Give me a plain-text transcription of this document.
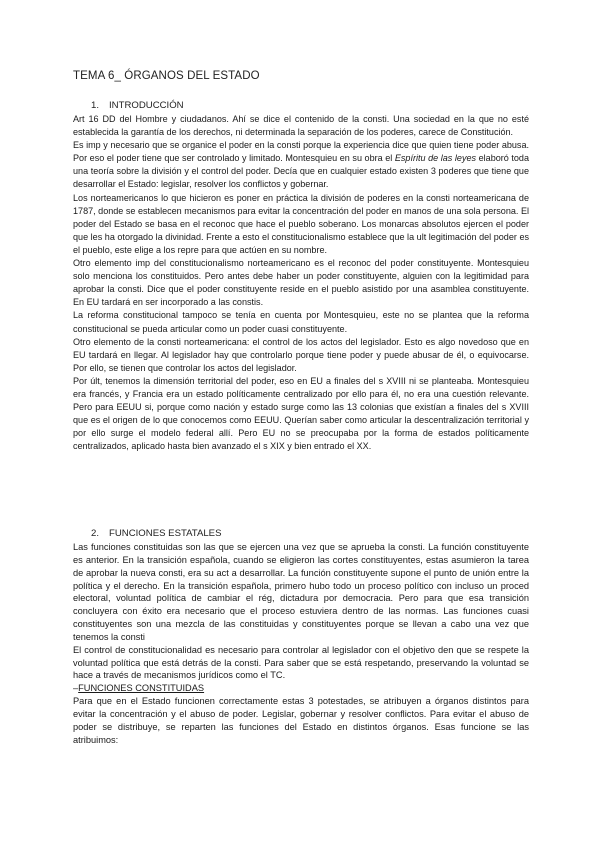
TEMA 6_ ÓRGANOS DEL ESTADO
1. INTRODUCCIÓN

Art 16 DD del Hombre y ciudadanos. Ahí se dice el contenido de la consti. Una sociedad en la que no esté establecida la garantía de los derechos, ni determinada la separación de los poderes, carece de Constitución.

Es imp y necesario que se organice el poder en la consti porque la experiencia dice que quien tiene poder abusa. Por eso el poder tiene que ser controlado y limitado. Montesquieu en su obra el Espíritu de las leyes elaboró toda una teoría sobre la división y el control del poder. Decía que en cualquier estado existen 3 poderes que tiene que desarrollar el Estado: legislar, resolver los conflictos y gobernar.

Los norteamericanos lo que hicieron es poner en práctica la división de poderes en la consti norteamericana de 1787, donde se establecen mecanismos para evitar la concentración del poder en manos de una sola persona. El poder del Estado se basa en el reconoc que hace el pueblo soberano. Los monarcas absolutos ejercen el poder que les ha otorgado la divinidad. Frente a esto el constitucionalismo establece que la ult legitimación del poder es el pueblo, este elige a los repre para que actúen en su nombre.

Otro elemento imp del constitucionalismo norteamericano es el reconoc del poder constituyente. Montesquieu solo menciona los constituidos. Pero antes debe haber un poder constituyente, alguien con la legitimidad para aprobar la consti. Dice que el poder constituyente reside en el pueblo asistido por una asamblea constituyente. En EU tardará en ser incorporado a las constis.

La reforma constitucional tampoco se tenía en cuenta por Montesquieu, este no se plantea que la reforma constitucional se pueda articular como un poder cuasi constituyente.

Otro elemento de la consti norteamericana: el control de los actos del legislador. Esto es algo novedoso que en EU tardará en llegar. Al legislador hay que controlarlo porque tiene poder y puede abusar de él, o equivocarse. Por ello, se tienen que controlar los actos del legislador.

Por últ, tenemos la dimensión territorial del poder, eso en EU a finales del s XVIII ni se planteaba. Montesquieu era francés, y Francia era un estado políticamente centralizado por ello para él, no era una cuestión relevante. Pero para EEUU si, porque como nación y estado surge como las 13 colonias que existían a finales del s XVIII que es el origen de lo que conocemos como EEUU. Querían saber como articular la descentralización territorial y por ello surge el modelo federal allí. Pero EU no se preocupaba por la forma de estados políticamente centralizados, aplicado hasta bien avanzado el s XIX y bien entrado el XX.

2. FUNCIONES ESTATALES

Las funciones constituidas son las que se ejercen una vez que se aprueba la consti. La función constituyente es anterior. En la transición española, cuando se eligieron las cortes constituyentes, estas asumieron la tarea de aprobar la nueva consti, era su act a desarrollar. La función constituyente supone el punto de unión entre la política y el derecho. En la transición española, primero hubo todo un proceso político con incluso un proced electoral, voluntad política de cambiar el rég, dictadura por democracia. Pero para que esa transición concluyera con éxito era necesario que el proceso estuviera dentro de las normas. Las funciones cuasi constituyentes son una mezcla de las constituidas y constituyentes porque se llevan a cabo una vez que tenemos la consti

El control de constitucionalidad es necesario para controlar al legislador con el objetivo den que se respete la voluntad política que está detrás de la consti. Para saber que se está respetando, preservando la voluntad se hace a través de mecanismos jurídicos como el TC.

–FUNCIONES CONSTITUIDAS

Para que en el Estado funcionen correctamente estas 3 potestades, se atribuyen a órganos distintos para evitar la concentración y el abuso de poder. Legislar, gobernar y resolver conflictos. Para evitar el abuso de poder se distribuye, se reparten las funciones del Estado en distintos órganos. Esas funcione se las atribuimos:
